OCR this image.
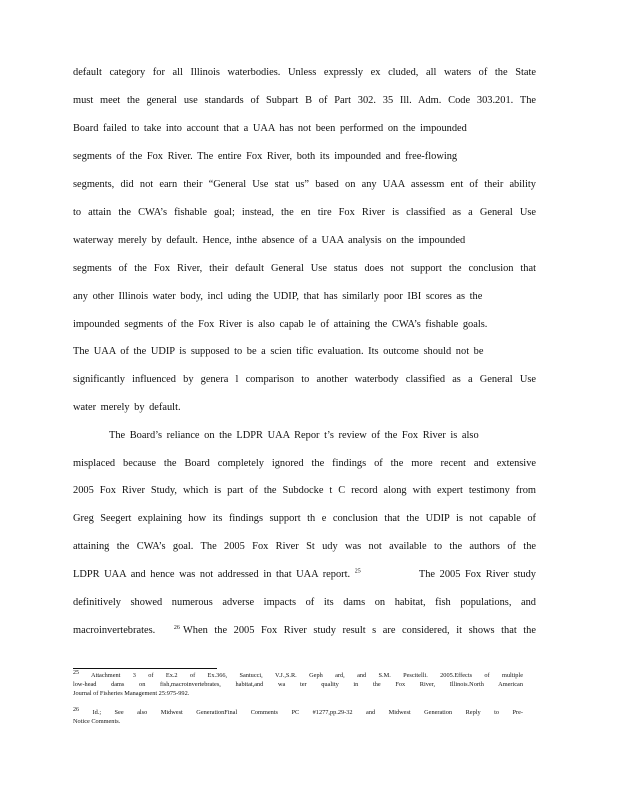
default category for all Illinois waterbodies. Unless expressly ex cluded, all waters of the State
must meet the general use standards of Subpart B of Part 302. 35 Ill. Adm. Code 303.201. The
Board failed to take into account that a UAA has not been performed on the impounded
segments of the Fox River. The entire Fox River, both its impounded and free-flowing
segments, did not earn their “General Use stat us” based on any UAA assessm ent of their ability
to attain the CWA’s fishable goal; instead, the en tire Fox River is classified as a General Use
waterway merely by default. Hence, inthe absence of a UAA analysis on the impounded
segments of the Fox River, their default General Use status does not support the conclusion that
any other Illinois water body, incl uding the UDIP, that has similarly poor IBI scores as the
impounded segments of the Fox River is also capab le of attaining the CWA’s fishable goals.
The UAA of the UDIP is supposed to be a scien tific evaluation. Its outcome should not be
significantly influenced by genera l comparison to another waterbody classified as a General Use
water merely by default.
The Board’s reliance on the LDPR UAA Repor t’s review of the Fox River is also
misplaced because the Board completely ignored the findings of the more recent and extensive
2005 Fox River Study, which is part of the Subdocke t C record along with expert testimony from
Greg Seegert explaining how its findings support th e conclusion that the UDIP is not capable of
attaining the CWA’s goal. The 2005 Fox River St udy was not available to the authors of the
LDPR UAA and hence was not addressed in that UAA report. $^{25}$	The 2005 Fox River study
definitively showed numerous adverse impacts of its dams on habitat, fish populations, and
macroinvertebrates.	$^{26}$ When the 2005 Fox River study result s are considered, it shows that the
$^{25}$ Attachment 3 of Ex.2 of Ex.366, Santucci, V.J.,S.R. Geph ard, and S.M. Pescitelli. 2005.Effects of multiple
low-head dams on fish,macroinvertebrates, habitat,and wa ter quality in the Fox River, Illinois.North American
Journal of Fisheries Management 25:975-992.
$^{26}$ Id.; See also Midwest GenerationFinal Comments PC #1277,pp.29-32 and Midwest Generation Reply to Pre-
Notice Comments.
